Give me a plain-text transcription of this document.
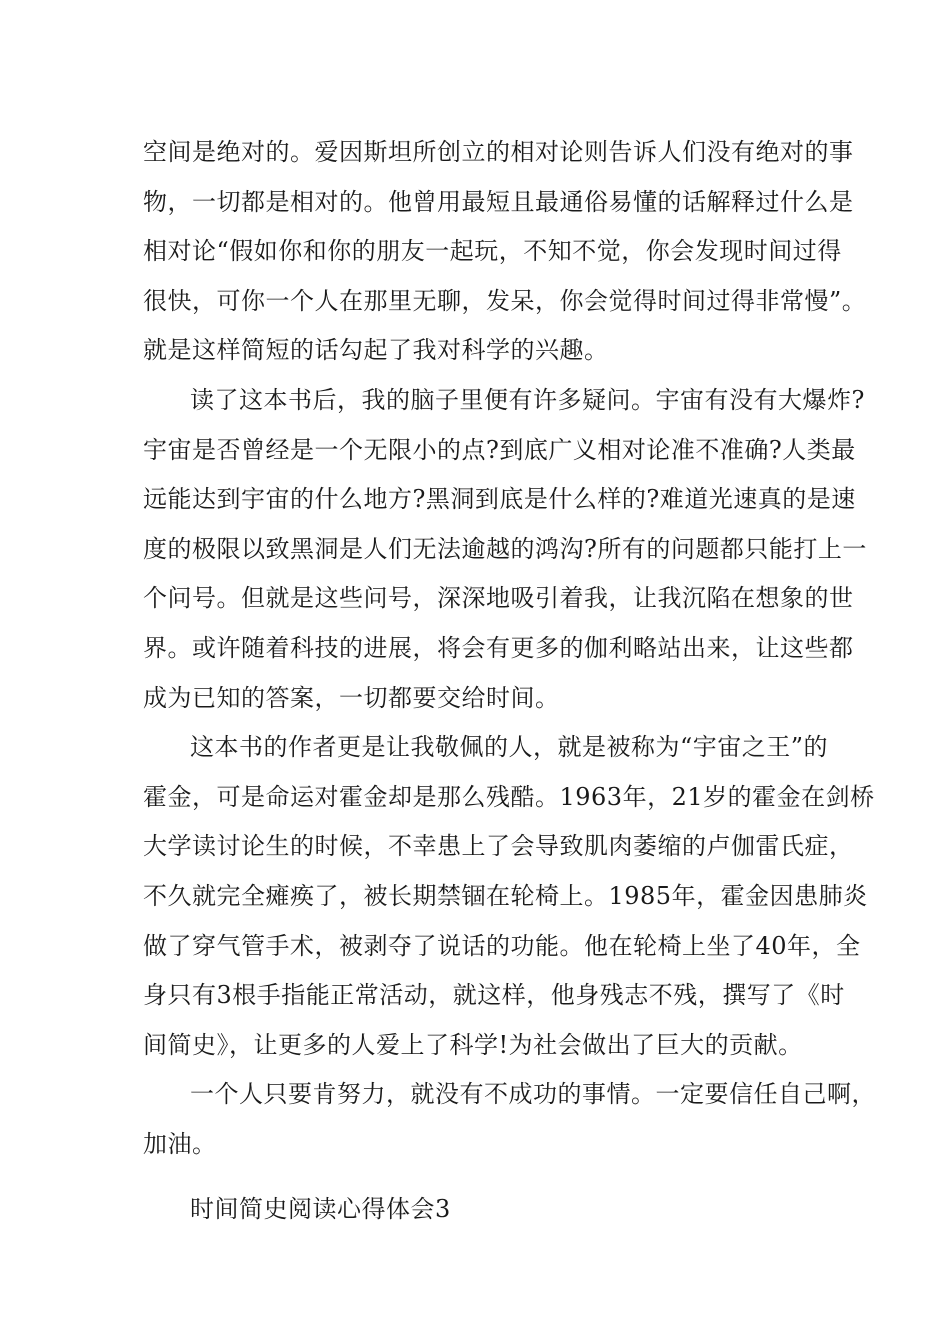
空间是绝对的。爱因斯坦所创立的相对论则告诉人们没有绝对的事
物，一切都是相对的。他曾用最短且最通俗易懂的话解释过什么是
相对论“假如你和你的朋友一起玩，不知不觉，你会发现时间过得
很快，可你一个人在那里无聊，发呆，你会觉得时间过得非常慢”。
就是这样简短的话勾起了我对科学的兴趣。
读了这本书后，我的脑子里便有许多疑问。宇宙有没有大爆炸?
宇宙是否曾经是一个无限小的点?到底广义相对论准不准确?人类最
远能达到宇宙的什么地方?黑洞到底是什么样的?难道光速真的是速
度的极限以致黑洞是人们无法逾越的鸿沟?所有的问题都只能打上一
个问号。但就是这些问号，深深地吸引着我，让我沉陷在想象的世
界。或许随着科技的进展，将会有更多的伽利略站出来，让这些都
成为已知的答案，一切都要交给时间。
这本书的作者更是让我敬佩的人，就是被称为“宇宙之王”的
霍金，可是命运对霍金却是那么残酷。1963年，21岁的霍金在剑桥
大学读讨论生的时候，不幸患上了会导致肌肉萎缩的卢伽雷氏症，
不久就完全瘫痪了，被长期禁锢在轮椅上。1985年，霍金因患肺炎
做了穿气管手术，被剥夺了说话的功能。他在轮椅上坐了40年，全
身只有3根手指能正常活动，就这样，他身残志不残，撰写了《时
间简史》，让更多的人爱上了科学!为社会做出了巨大的贡献。
一个人只要肯努力，就没有不成功的事情。一定要信任自己啊，
加油。
时间简史阅读心得体会3
